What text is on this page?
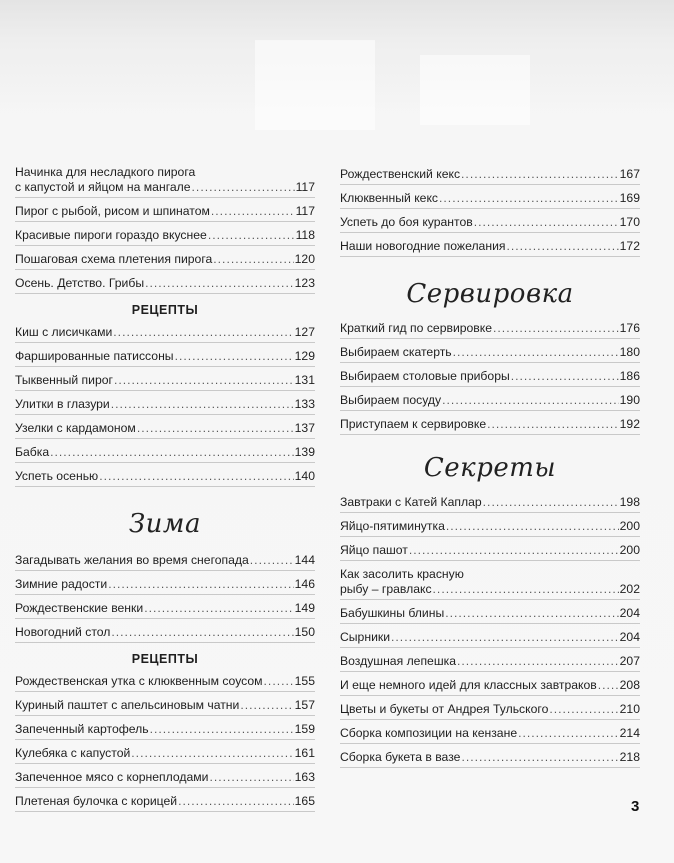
Начинка для несладкого пирога
с капустой и яйцом на мангале .....	117
Пирог с рыбой, рисом и шпинатом .....	117
Красивые пироги гораздо вкуснее .....	118
Пошаговая схема плетения пирога .....	120
Осень. Детство. Грибы .....	123
РЕЦЕПТЫ
Киш с лисичками .....	127
Фаршированные патиссоны .....	129
Тыквенный пирог .....	131
Улитки в глазури .....	133
Узелки с кардамоном .....	137
Бабка .....	139
Успеть осенью .....	140
Зима
Загадывать желания во время снегопада .....	144
Зимние радости .....	146
Рождественские венки .....	149
Новогодний стол .....	150
РЕЦЕПТЫ
Рождественская утка с клюквенным соусом .....	155
Куриный паштет с апельсиновым чатни .....	157
Запеченный картофель .....	159
Кулебяка с капустой .....	161
Запеченное мясо с корнеплодами .....	163
Плетеная булочка с корицей .....	165
Рождественский кекс .....	167
Клюквенный кекс .....	169
Успеть до боя курантов .....	170
Наши новогодние пожелания .....	172
Сервировка
Краткий гид по сервировке .....	176
Выбираем скатерть .....	180
Выбираем столовые приборы .....	186
Выбираем посуду .....	190
Приступаем к сервировке .....	192
Секреты
Завтраки с Катей Каплар .....	198
Яйцо-пятиминутка .....	200
Яйцо пашот .....	200
Как засолить красную
рыбу – гравлакс .....	202
Бабушкины блины .....	204
Сырники .....	204
Воздушная лепешка .....	207
И еще немного идей для классных завтраков ..... 208
Цветы и букеты от Андрея Тульского .....	210
Сборка композиции на кензане .....	214
Сборка букета в вазе .....	218
3
